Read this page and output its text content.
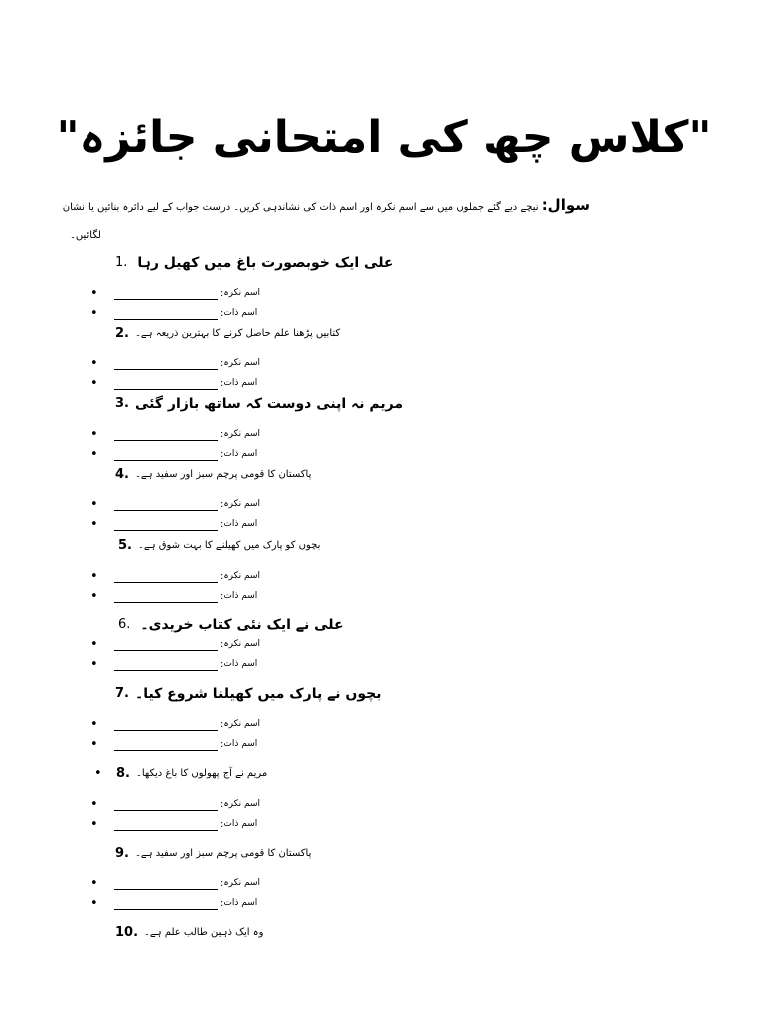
"کلاس چھ کی امتحانی جائزہ"
سوال: نیچے دیے گئے جملوں میں سے اسم نکرہ اور اسم ذات کی نشاندہی کریں۔ درست جواب کے لیے دائرہ بنائیں یا نشان
لگائیں۔
1. علی ایک خوبصورت باغ میں کھیل رہا
•	: اسم نکرہ
•	: اسم ذات
2. کتابیں پڑھنا علم حاصل کرنے کا بہترین ذریعہ ہے۔
•	: اسم نکرہ
•	: اسم ذات
3. مریم نہ اپنی دوست کہ ساتھ بازار گئی
•	: اسم نکرہ
•	: اسم ذات
4. پاکستان کا قومی پرچم سبز اور سفید ہے۔
•	: اسم نکرہ
•	: اسم ذات
5. بچوں کو پارک میں کھیلنے کا بہت شوق ہے۔
•	: اسم نکرہ
•	: اسم ذات
6. علی نے ایک نئی کتاب خریدی۔
•	: اسم نکرہ
•	: اسم ذات
7. بچوں نے پارک میں کھیلنا شروع کیا۔
•	: اسم نکرہ
•	: اسم ذات
•	8. مریم نے آج پھولوں کا باغ دیکھا۔
•	: اسم نکرہ
•	: اسم ذات
9. پاکستان کا قومی پرچم سبز اور سفید ہے۔
•	: اسم نکرہ
•	: اسم ذات
10. وہ ایک ذہین طالب علم ہے۔
